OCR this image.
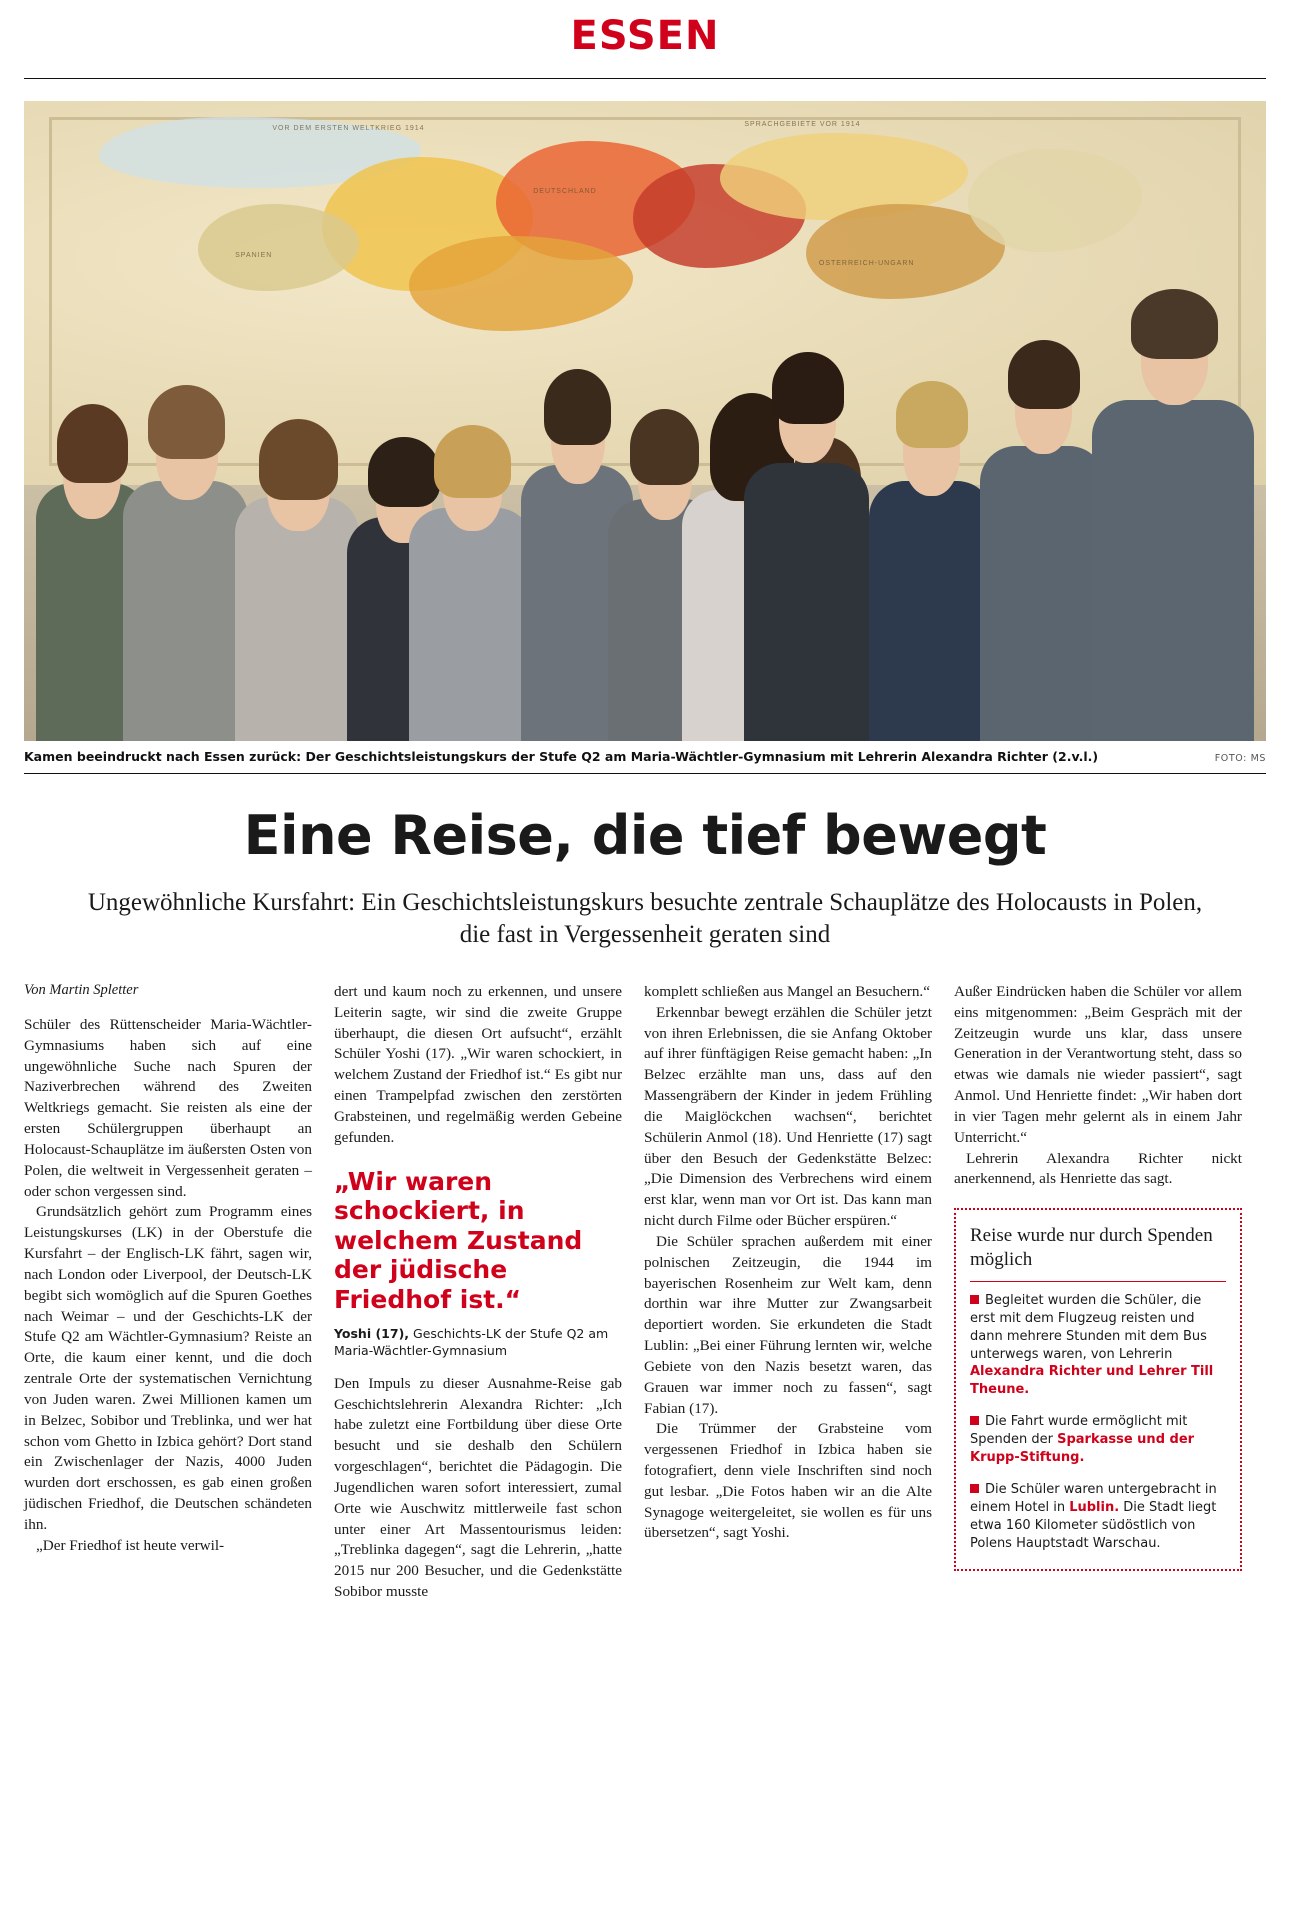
ESSEN
SPRACHGEBIETE VOR 1914
VOR DEM ERSTEN WELTKRIEG 1914
DEUTSCHLAND
SPANIEN
ÖSTERREICH-UNGARN
Kamen beeindruckt nach Essen zurück: Der Geschichtsleistungskurs der Stufe Q2 am Maria-Wächtler-Gymnasium mit Lehrerin Alexandra Richter (2.v.l.)	FOTO: MS
Eine Reise, die tief bewegt
Ungewöhnliche Kursfahrt: Ein Geschichtsleistungskurs besuchte zentrale Schauplätze des Holocausts in Polen, die fast in Vergessenheit geraten sind
Von Martin Spletter

Schüler des Rüttenscheider Maria-Wächtler-Gymnasiums haben sich auf eine ungewöhnliche Suche nach Spuren der Naziverbrechen während des Zweiten Weltkriegs gemacht. Sie reisten als eine der ersten Schülergruppen überhaupt an Holocaust-Schauplätze im äußersten Osten von Polen, die weltweit in Vergessenheit geraten – oder schon vergessen sind.

Grundsätzlich gehört zum Programm eines Leistungskurses (LK) in der Oberstufe die Kursfahrt – der Englisch-LK fährt, sagen wir, nach London oder Liverpool, der Deutsch-LK begibt sich womöglich auf die Spuren Goethes nach Weimar – und der Geschichts-LK der Stufe Q2 am Wächtler-Gymnasium? Reiste an Orte, die kaum einer kennt, und die doch zentrale Orte der systematischen Vernichtung von Juden waren. Zwei Millionen kamen um in Belzec, Sobibor und Treblinka, und wer hat schon vom Ghetto in Izbica gehört? Dort stand ein Zwischenlager der Nazis, 4000 Juden wurden dort erschossen, es gab einen großen jüdischen Friedhof, die Deutschen schändeten ihn.

„Der Friedhof ist heute verwil-

dert und kaum noch zu erkennen, und unsere Leiterin sagte, wir sind die zweite Gruppe überhaupt, die diesen Ort aufsucht“, erzählt Schüler Yoshi (17). „Wir waren schockiert, in welchem Zustand der Friedhof ist.“ Es gibt nur einen Trampelpfad zwischen den zerstörten Grabsteinen, und regelmäßig werden Gebeine gefunden.

„Wir waren schockiert, in welchem Zustand der jüdische Friedhof ist.“
Yoshi (17), Geschichts-LK der Stufe Q2 am Maria-Wächtler-Gymnasium

Den Impuls zu dieser Ausnahme-Reise gab Geschichtslehrerin Alexandra Richter: „Ich habe zuletzt eine Fortbildung über diese Orte besucht und sie deshalb den Schülern vorgeschlagen“, berichtet die Pädagogin. Die Jugendlichen waren sofort interessiert, zumal Orte wie Auschwitz mittlerweile fast schon unter einer Art Massentourismus leiden: „Treblinka dagegen“, sagt die Lehrerin, „hatte 2015 nur 200 Besucher, und die Gedenkstätte Sobibor musste

komplett schließen aus Mangel an Besuchern.“

Erkennbar bewegt erzählen die Schüler jetzt von ihren Erlebnissen, die sie Anfang Oktober auf ihrer fünftägigen Reise gemacht haben: „In Belzec erzählte man uns, dass auf den Massengräbern der Kinder in jedem Frühling die Maiglöckchen wachsen“, berichtet Schülerin Anmol (18). Und Henriette (17) sagt über den Besuch der Gedenkstätte Belzec: „Die Dimension des Verbrechens wird einem erst klar, wenn man vor Ort ist. Das kann man nicht durch Filme oder Bücher erspüren.“

Die Schüler sprachen außerdem mit einer polnischen Zeitzeugin, die 1944 im bayerischen Rosenheim zur Welt kam, denn dorthin war ihre Mutter zur Zwangsarbeit deportiert worden. Sie erkundeten die Stadt Lublin: „Bei einer Führung lernten wir, welche Gebiete von den Nazis besetzt waren, das Grauen war immer noch zu fassen“, sagt Fabian (17).

Die Trümmer der Grabsteine vom vergessenen Friedhof in Izbica haben sie fotografiert, denn viele Inschriften sind noch gut lesbar. „Die Fotos haben wir an die Alte Synagoge weitergeleitet, sie wollen es für uns übersetzen“, sagt Yoshi.

Außer Eindrücken haben die Schüler vor allem eins mitgenommen: „Beim Gespräch mit der Zeitzeugin wurde uns klar, dass unsere Generation in der Verantwortung steht, dass so etwas wie damals nie wieder passiert“, sagt Anmol. Und Henriette findet: „Wir haben dort in vier Tagen mehr gelernt als in einem Jahr Unterricht.“

Lehrerin Alexandra Richter nickt anerkennend, als Henriette das sagt.

Reise wurde nur durch Spenden möglich
Begleitet wurden die Schüler, die erst mit dem Flugzeug reisten und dann mehrere Stunden mit dem Bus unterwegs waren, von Lehrerin Alexandra Richter und Lehrer Till Theune.
Die Fahrt wurde ermöglicht mit Spenden der Sparkasse und der Krupp-Stiftung.
Die Schüler waren untergebracht in einem Hotel in Lublin. Die Stadt liegt etwa 160 Kilometer südöstlich von Polens Hauptstadt Warschau.
